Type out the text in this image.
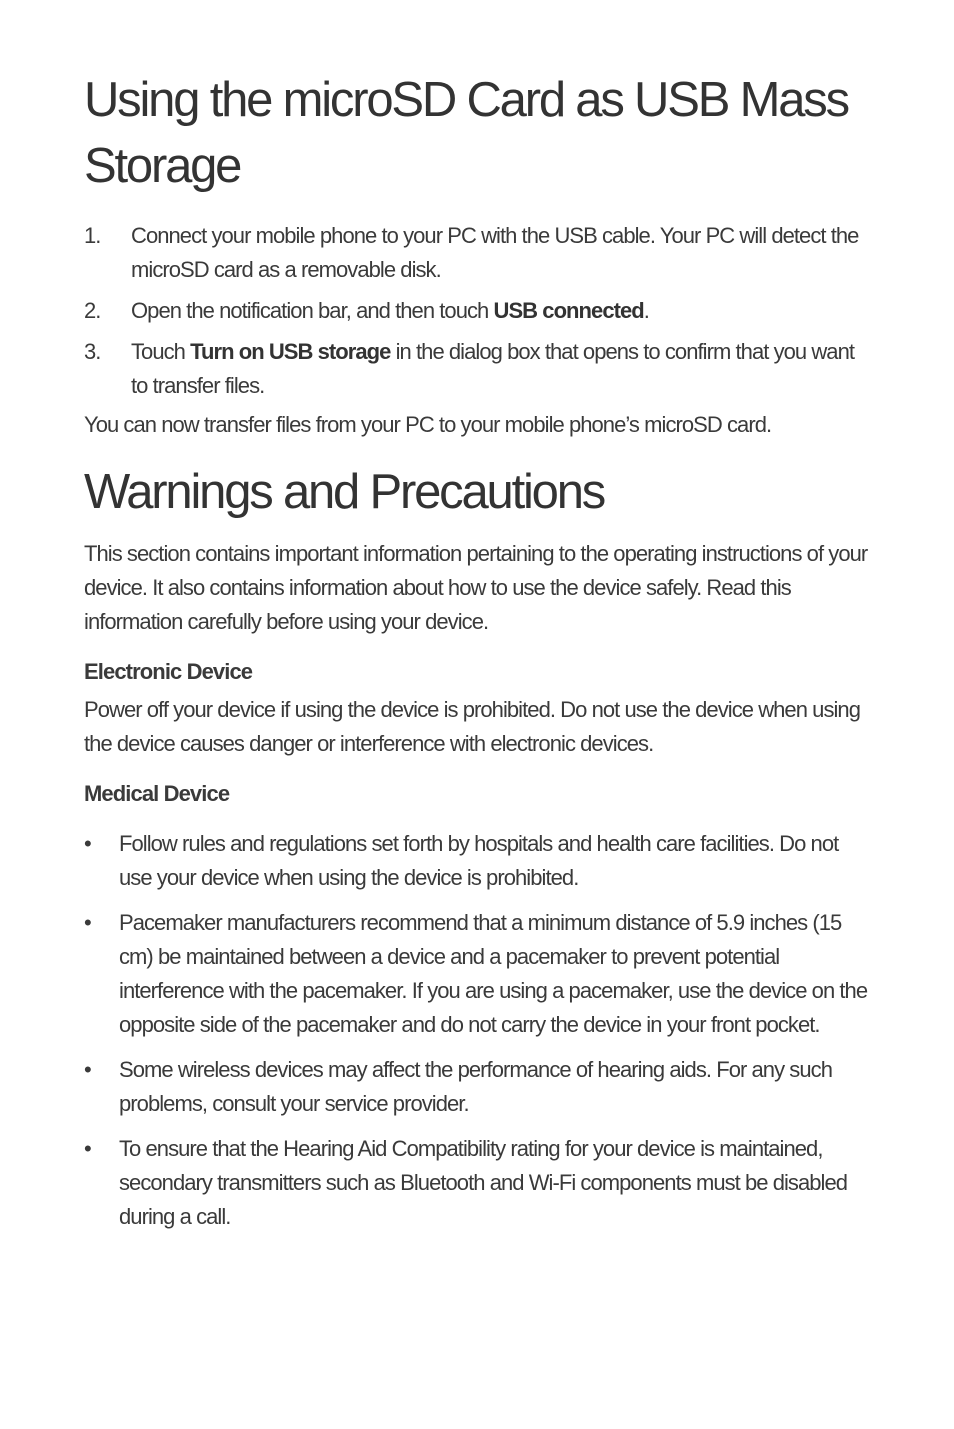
Using the microSD Card as USB Mass Storage
1. Connect your mobile phone to your PC with the USB cable. Your PC will detect the microSD card as a removable disk.
2. Open the notification bar, and then touch USB connected.
3. Touch Turn on USB storage in the dialog box that opens to confirm that you want to transfer files.

You can now transfer files from your PC to your mobile phone’s microSD card.

Warnings and Precautions

This section contains important information pertaining to the operating instructions of your device. It also contains information about how to use the device safely. Read this information carefully before using your device.

Electronic Device

Power off your device if using the device is prohibited. Do not use the device when using the device causes danger or interference with electronic devices.

Medical Device
• Follow rules and regulations set forth by hospitals and health care facilities. Do not use your device when using the device is prohibited.
• Pacemaker manufacturers recommend that a minimum distance of 5.9 inches (15 cm) be maintained between a device and a pacemaker to prevent potential interference with the pacemaker. If you are using a pacemaker, use the device on the opposite side of the pacemaker and do not carry the device in your front pocket.
• Some wireless devices may affect the performance of hearing aids. For any such problems, consult your service provider.
• To ensure that the Hearing Aid Compatibility rating for your device is maintained, secondary transmitters such as Bluetooth and Wi-Fi components must be disabled during a call.
